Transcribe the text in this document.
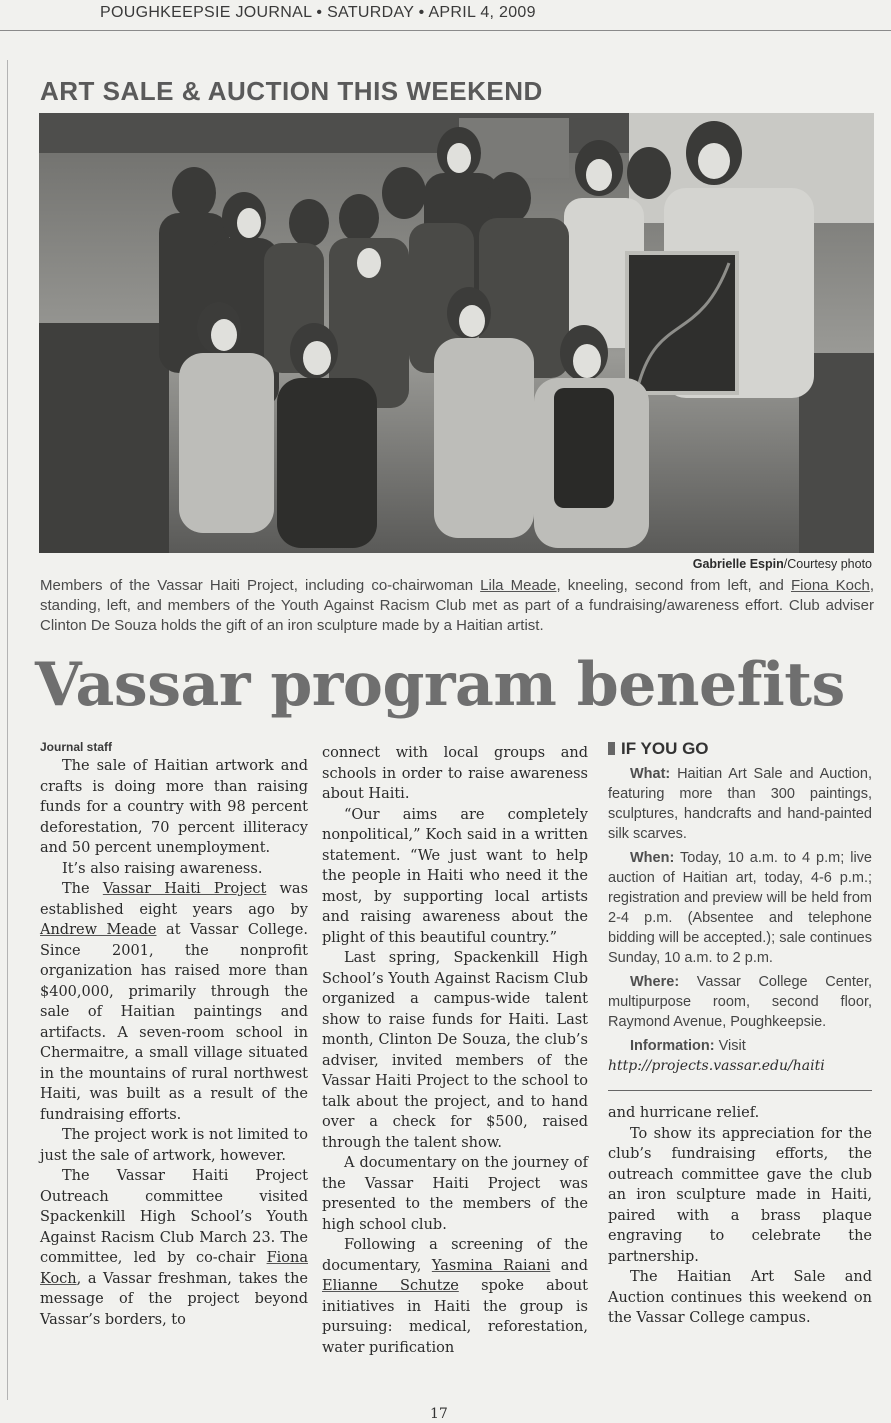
POUGHKEEPSIE JOURNAL • SATURDAY • APRIL 4, 2009
ART SALE & AUCTION THIS WEEKEND
Gabrielle Espin/Courtesy photo
Members of the Vassar Haiti Project, including co-chairwoman Lila Meade, kneeling, second from left, and Fiona Koch, standing, left, and members of the Youth Against Racism Club met as part of a fundraising/awareness effort. Club adviser Clinton De Souza holds the gift of an iron sculpture made by a Haitian artist.
Vassar program benefits
Journal staff

The sale of Haitian artwork and crafts is doing more than raising funds for a country with 98 percent deforestation, 70 percent illiteracy and 50 percent unemployment.

It’s also raising awareness.

The Vassar Haiti Project was established eight years ago by Andrew Meade at Vassar College. Since 2001, the nonprofit organization has raised more than $400,000, primarily through the sale of Haitian paintings and artifacts. A seven-room school in Chermaitre, a small village situated in the mountains of rural northwest Haiti, was built as a result of the fundraising efforts.

The project work is not limited to just the sale of artwork, however.

The Vassar Haiti Project Outreach committee visited Spackenkill High School’s Youth Against Racism Club March 23. The committee, led by co-chair Fiona Koch, a Vassar freshman, takes the message of the project beyond Vassar’s borders, to

connect with local groups and schools in order to raise awareness about Haiti.

“Our aims are completely nonpolitical,” Koch said in a written statement. “We just want to help the people in Haiti who need it the most, by supporting local artists and raising awareness about the plight of this beautiful country.”

Last spring, Spackenkill High School’s Youth Against Racism Club organized a campus-wide talent show to raise funds for Haiti. Last month, Clinton De Souza, the club’s adviser, invited members of the Vassar Haiti Project to the school to talk about the project, and to hand over a check for $500, raised through the talent show.

A documentary on the journey of the Vassar Haiti Project was presented to the members of the high school club.

Following a screening of the documentary, Yasmina Raiani and Elianne Schutze spoke about initiatives in Haiti the group is pursuing: medical, reforestation, water purification

IF YOU GO

What: Haitian Art Sale and Auction, featuring more than 300 paintings, sculptures, handcrafts and hand-painted silk scarves.

When: Today, 10 a.m. to 4 p.m; live auction of Haitian art, today, 4-6 p.m.; registration and preview will be held from 2-4 p.m. (Absentee and telephone bidding will be accepted.); sale continues Sunday, 10 a.m. to 2 p.m.

Where: Vassar College Center, multipurpose room, second floor, Raymond Avenue, Poughkeepsie.

Information: Visit
http://projects.vassar.edu/haiti

and hurricane relief.

To show its appreciation for the club’s fundraising efforts, the outreach committee gave the club an iron sculpture made in Haiti, paired with a brass plaque engraving to celebrate the partnership.

The Haitian Art Sale and Auction continues this weekend on the Vassar College campus.

17
